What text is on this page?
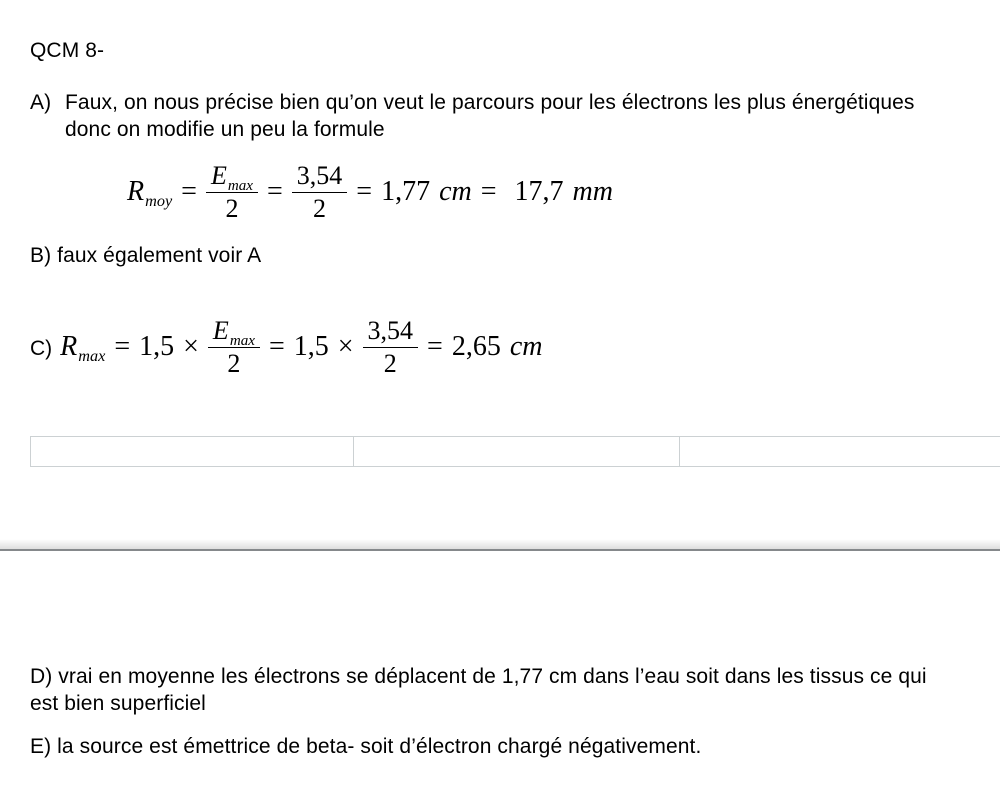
QCM 8-
A) Faux, on nous précise bien qu’on veut le parcours pour les électrons les plus énergétiques
donc on modifie un peu la formule
$R_{moy} = \frac{E_{max}}{2} = \frac{3,54}{2} = 1,77$ cm = 17,7 mm
B) faux également voir A
C) $R_{max} = 1,5 \times \frac{E_{max}}{2} = 1,5 \times \frac{3,54}{2} = 2,65$ cm
D) vrai en moyenne les électrons se déplacent de 1,77 cm dans l’eau soit dans les tissus ce qui
est bien superficiel
E) la source est émettrice de beta- soit d’électron chargé négativement.
